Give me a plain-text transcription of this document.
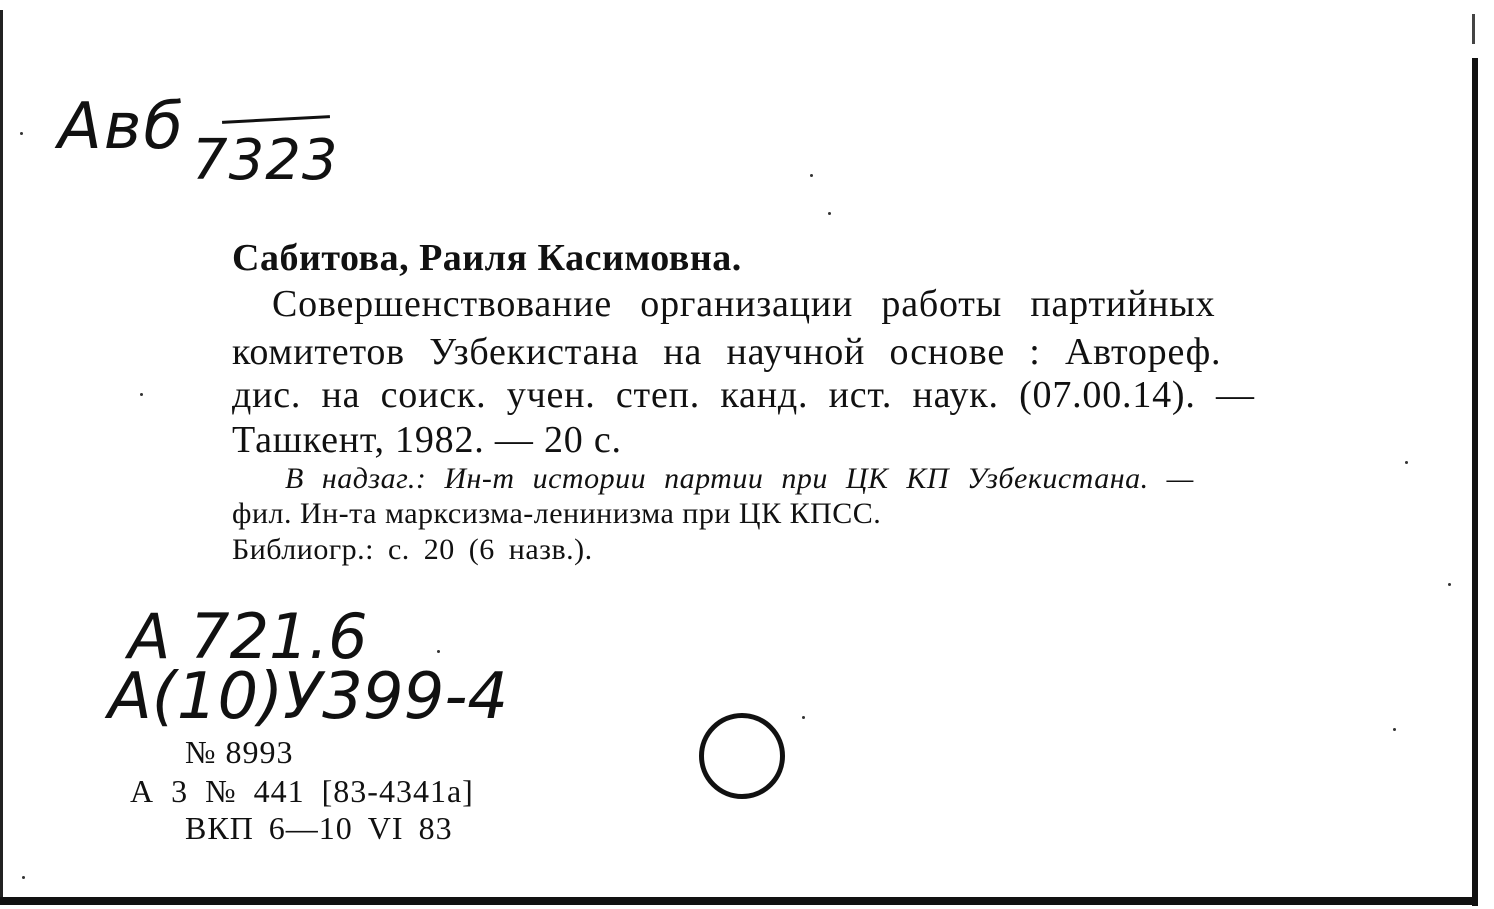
Авб 7323
Сабитова, Раиля Касимовна.
Совершенствование организации работы партийных
комитетов Узбекистана на научной основе : Автореф.
дис. на соиск. учен. степ. канд. ист. наук. (07.00.14). —
Ташкент, 1982. — 20 с.
В надзаг.: Ин-т истории партии при ЦК КП Узбекистана. —
фил. Ин-та марксизма-ленинизма при ЦК КПСС.
Библиогр.: с. 20 (6 назв.).
А 721.6
А(10)У399-4
№ 8993
А 3 № 441 [83-4341а]
ВКП 6—10 VI 83
